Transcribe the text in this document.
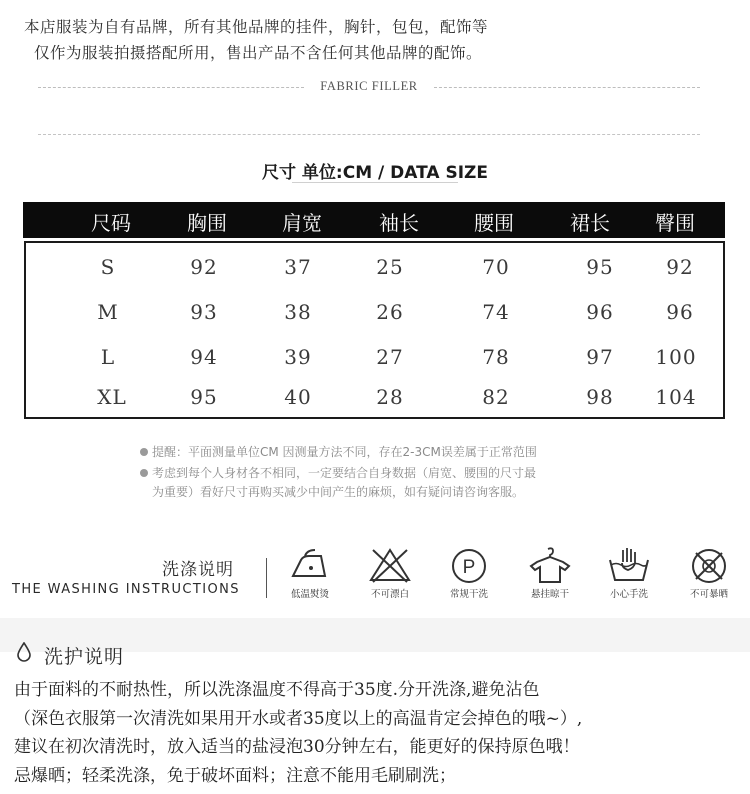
本店服装为自有品牌，所有其他品牌的挂件，胸针，包包，配饰等
仅作为服装拍摄搭配所用，售出产品不含任何其他品牌的配饰。
FABRIC FILLER
尺寸 单位:CM / DATA SIZE
尺码	胸围	肩宽	袖长	腰围	裙长	臀围
S	92	37	25	70	95	92
M	93	38	26	74	96	96
L	94	39	27	78	97	100
XL	95	40	28	82	98	104
提醒：平面测量单位CM 因测量方法不同，存在2-3CM误差属于正常范围
考虑到每个人身材各不相同，一定要结合自身数据（肩宽、腰围的尺寸最
为重要）看好尺寸再购买减少中间产生的麻烦，如有疑问请咨询客服。
洗涤说明
THE WASHING INSTRUCTIONS	低温熨烫	不可漂白
P
常规干洗	悬挂晾干	小心手洗	不可暴晒
洗护说明
由于面料的不耐热性，所以洗涤温度不得高于35度.分开洗涤,避免沾色
（深色衣服第一次清洗如果用开水或者35度以上的高温肯定会掉色的哦~）,
建议在初次清洗时，放入适当的盐浸泡30分钟左右，能更好的保持原色哦！
忌爆晒；轻柔洗涤，免于破坏面料；注意不能用毛刷刷洗；
